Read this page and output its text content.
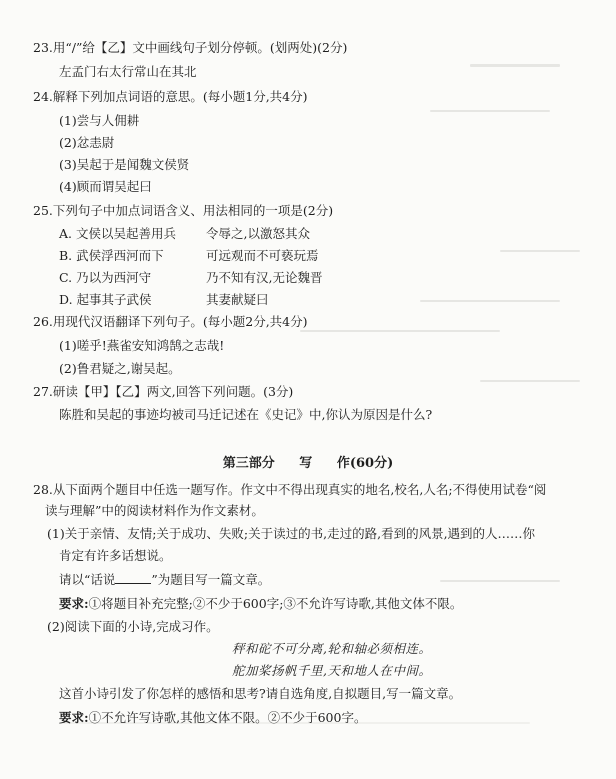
23.用“/”给【乙】文中画线句子划分停顿。(划两处)(2分)
左孟门右太行常山在其北
24.解释下列加点词语的意思。(每小题1分,共4分)
(1)尝与人佣耕
(2)忿恚尉
(3)吴起于是闻魏文侯贤
(4)顾而谓吴起曰
25.下列句子中加点词语含义、用法相同的一项是(2分)
A. 文侯以吴起善用兵 令辱之,以激怒其众
B. 武侯浮西河而下	可远观而不可亵玩焉
C. 乃以为西河守	乃不知有汉,无论魏晋
D. 起事其子武侯	其妻献疑曰
26.用现代汉语翻译下列句子。(每小题2分,共4分)
(1)嗟乎!燕雀安知鸿鹄之志哉!
(2)鲁君疑之,谢吴起。
27.研读【甲】【乙】两文,回答下列问题。(3分)
陈胜和吴起的事迹均被司马迁记述在《史记》中,你认为原因是什么?
第三部分 写 作(60分)
28.从下面两个题目中任选一题写作。作文中不得出现真实的地名,校名,人名;不得使用试卷“阅
读与理解”中的阅读材料作为作文素材。
(1)关于亲情、友情;关于成功、失败;关于读过的书,走过的路,看到的风景,遇到的人……你
肯定有许多话想说。
请以“话说	”为题目写一篇文章。
要求:①将题目补充完整;②不少于600字;③不允许写诗歌,其他文体不限。
(2)阅读下面的小诗,完成习作。
秤和砣不可分离,轮和轴必须相连。
舵加桨扬帆千里,天和地人在中间。
这首小诗引发了你怎样的感悟和思考?请自选角度,自拟题目,写一篇文章。
要求:①不允许写诗歌,其他文体不限。②不少于600字。
